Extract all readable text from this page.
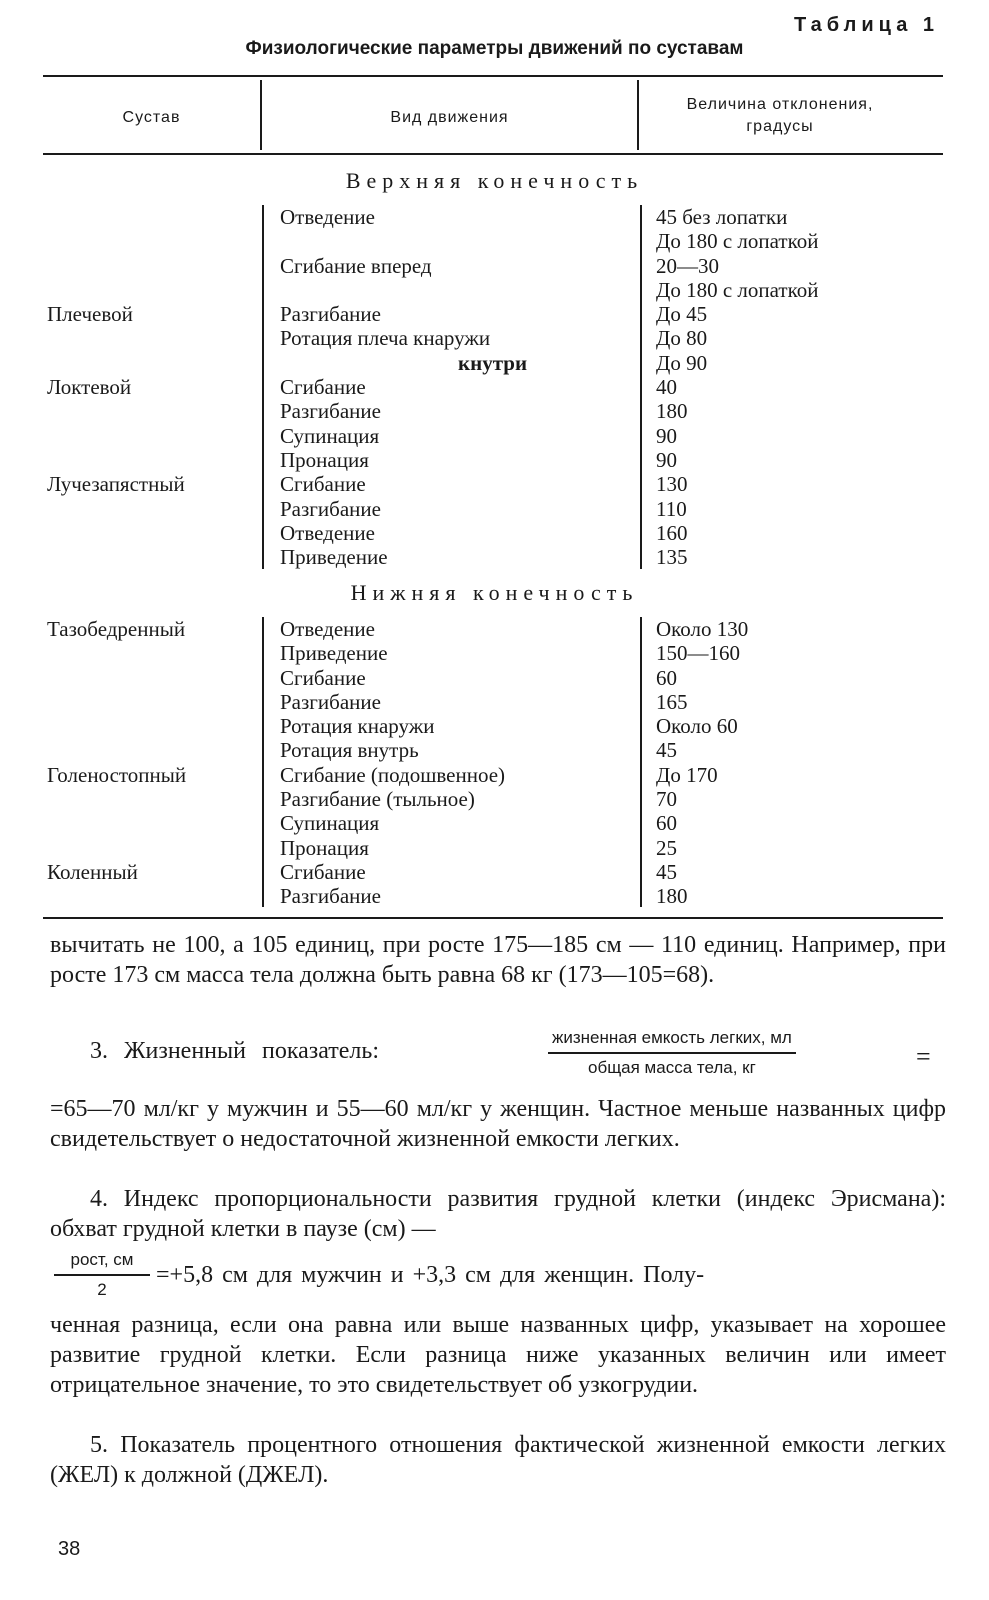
Таблица 1
Физиологические параметры движений по суставам
Сустав	Вид движения
Величина отклонения, градусы
Верхняя конечность
Плечевой
Локтевой
Лучезапястный
Отведение
Сгибание вперед
Разгибание
Ротация плеча кнаружи
кнутри
Сгибание
Разгибание
Супинация
Пронация
Сгибание
Разгибание
Отведение
Приведение
45 без лопатки
До 180 с лопаткой
20—30
До 180 с лопаткой
До 45
До 80
До 90
40
180
90
90
130
110
160
135
Нижняя конечность
Тазобедренный
Голеностопный
Коленный
Отведение
Приведение
Сгибание
Разгибание
Ротация кнаружи
Ротация внутрь
Сгибание (подошвенное)
Разгибание (тыльное)
Супинация
Пронация
Сгибание
Разгибание
Около 130
150—160
60
165
Около 60
45
До 170
70
60
25
45
180

вычитать не 100, а 105 единиц, при росте 175—185 см — 110 единиц. Например, при росте 173 см масса тела должна быть равна 68 кг (173—105=68).

3. Жизненный показатель:
жизненная емкость легких, мл
общая масса тела, кг	=

=65—70 мл/кг у мужчин и 55—60 мл/кг у женщин. Частное меньше названных цифр свидетельствует о недостаточной жизненной емкости легких.

4. Индекс пропорциональности развития грудной клетки (индекс Эрисмана): обхват грудной клетки в паузе (см) —

рост, см
2
=+5,8 см для мужчин и +3,3 см для женщин. Полу-

ченная разница, если она равна или выше названных цифр, указывает на хорошее развитие грудной клетки. Если разница ниже указанных величин или имеет отрицательное значение, то это свидетельствует об узкогрудии.

5. Показатель процентного отношения фактической жизненной емкости легких (ЖЕЛ) к должной (ДЖЕЛ).

38
